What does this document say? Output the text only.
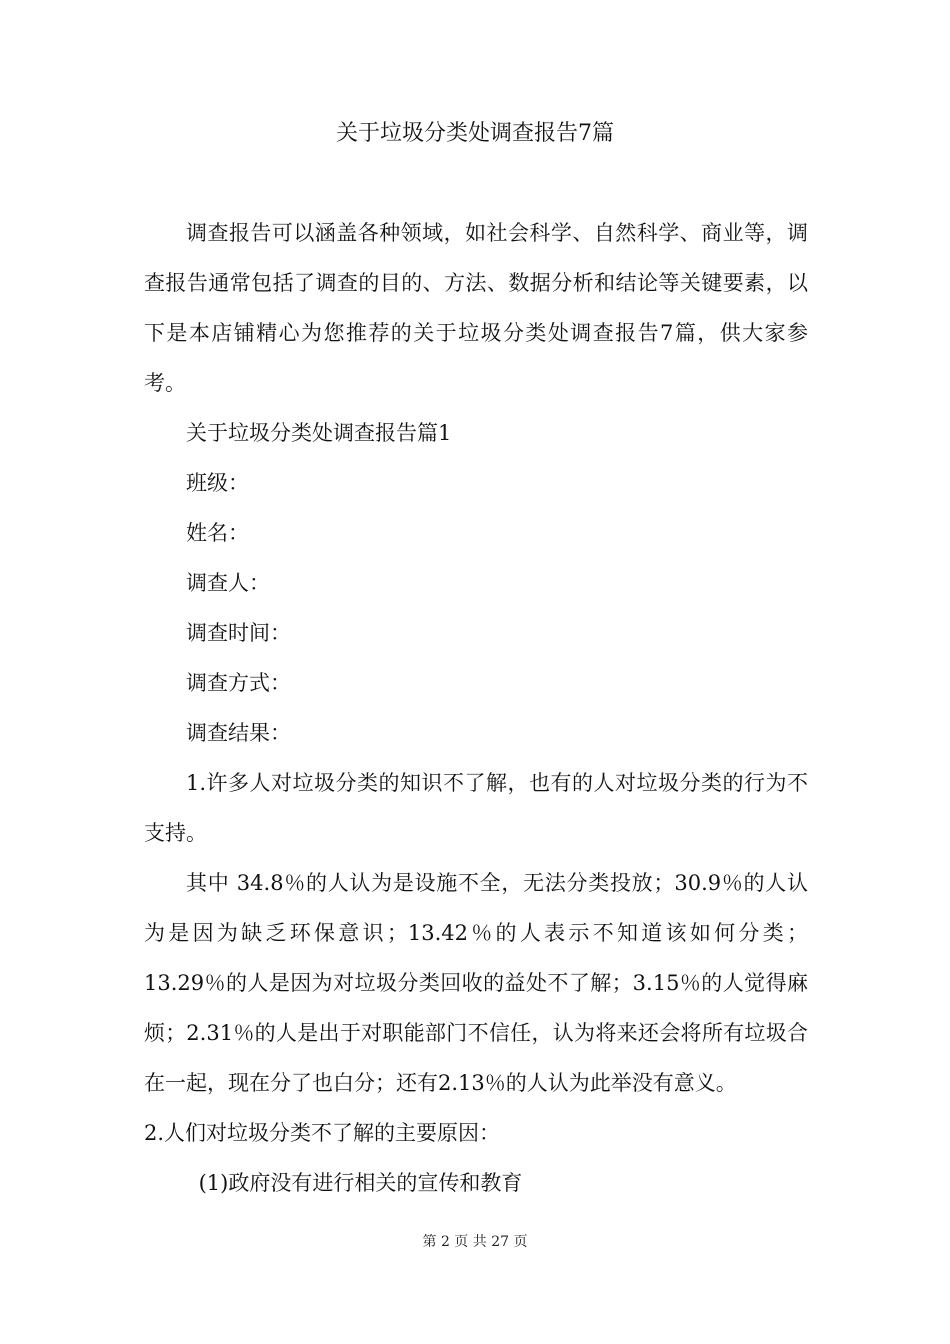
关于垃圾分类处调查报告7篇

调查报告可以涵盖各种领域，如社会科学、自然科学、商业等，调查报告通常包括了调查的目的、方法、数据分析和结论等关键要素，以下是本店铺精心为您推荐的关于垃圾分类处调查报告7篇，供大家参考。

关于垃圾分类处调查报告篇1

班级：

姓名：

调查人：

调查时间：

调查方式：

调查结果：

1.许多人对垃圾分类的知识不了解，也有的人对垃圾分类的行为不支持。

其中 34.8％的人认为是设施不全，无法分类投放；30.9％的人认为是因为缺乏环保意识；13.42％的人表示不知道该如何分类；13.29％的人是因为对垃圾分类回收的益处不了解；3.15％的人觉得麻烦；2.31％的人是出于对职能部门不信任，认为将来还会将所有垃圾合在一起，现在分了也白分；还有2.13％的人认为此举没有意义。

2.人们对垃圾分类不了解的主要原因：

(1)政府没有进行相关的宣传和教育

第 2 页 共 27 页
